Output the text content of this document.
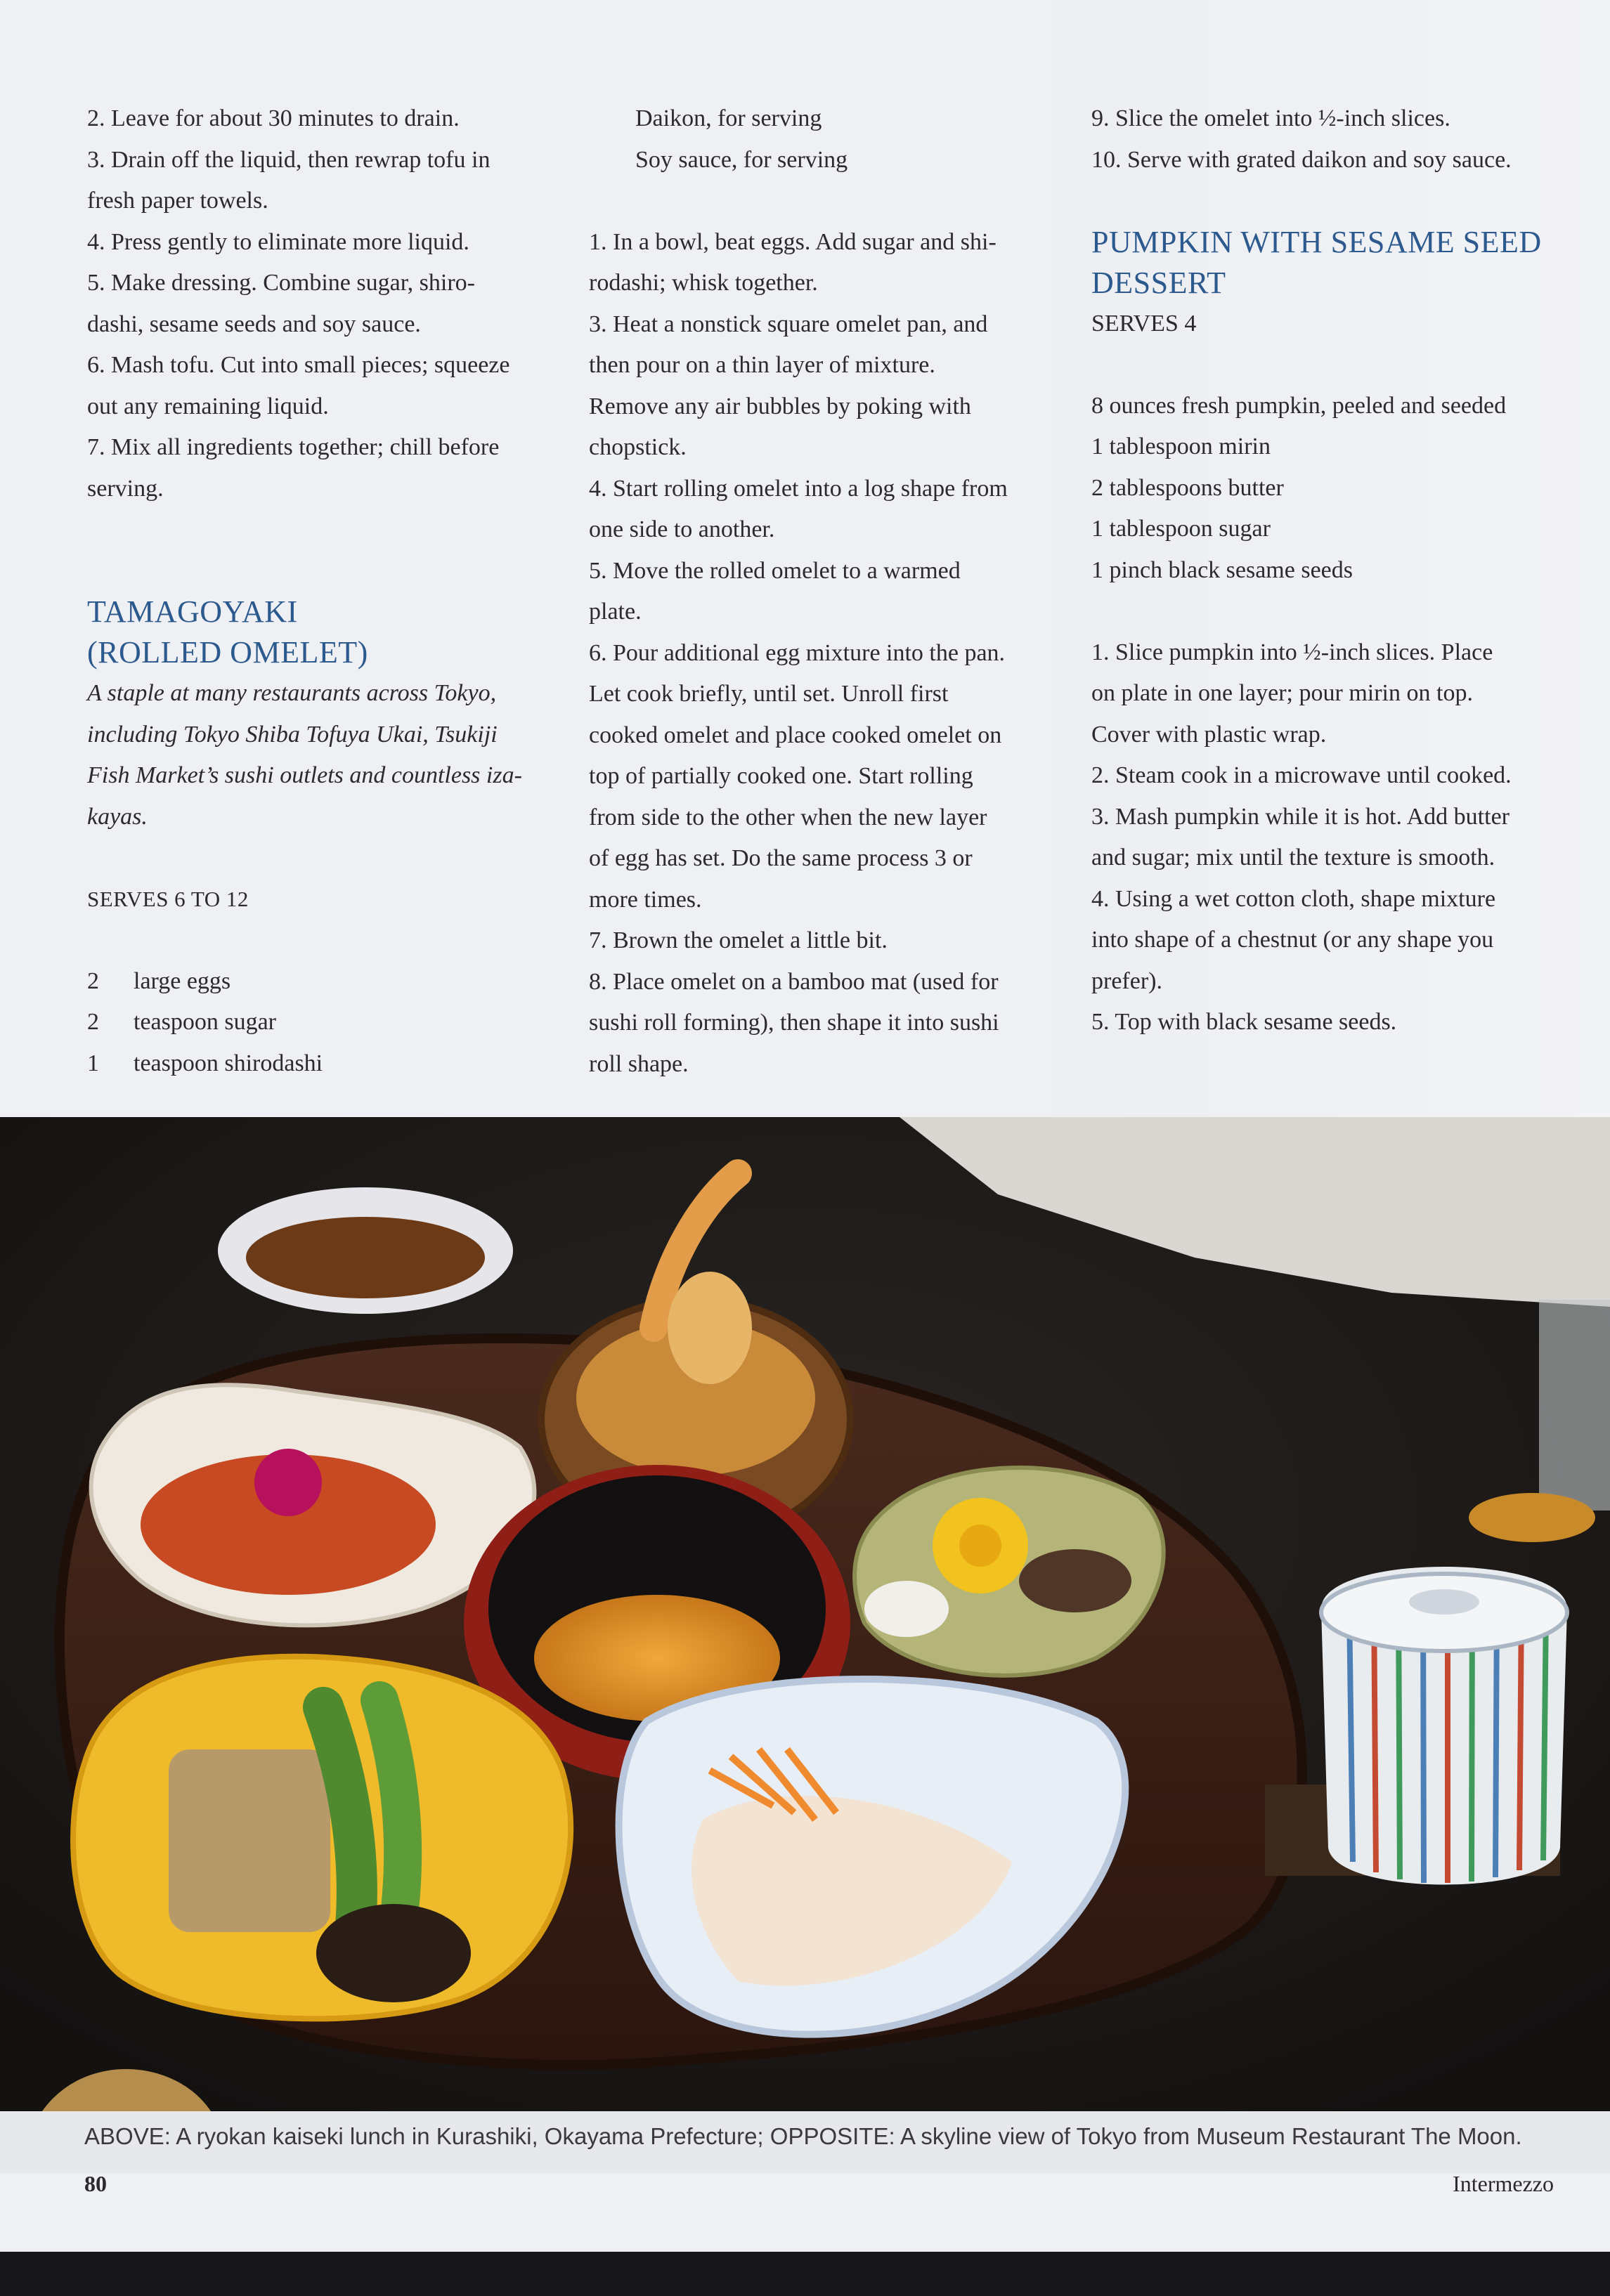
2. Leave for about 30 minutes to drain.

3. Drain off the liquid, then rewrap tofu in

fresh paper towels.

4. Press gently to eliminate more liquid.

5. Make dressing. Combine sugar, shiro-

dashi, sesame seeds and soy sauce.

6. Mash tofu. Cut into small pieces; squeeze

out any remaining liquid.

7. Mix all ingredients together; chill before

serving.

TAMAGOYAKI

(ROLLED OMELET)

A staple at many restaurants across Tokyo,

including Tokyo Shiba Tofuya Ukai, Tsukiji

Fish Market’s sushi outlets and countless iza-

kayas.

SERVES 6 TO 12

2	large eggs

2	teaspoon sugar

1	teaspoon shirodashi

Daikon, for serving

Soy sauce, for serving

1. In a bowl, beat eggs. Add sugar and shi-

rodashi; whisk together.

3. Heat a nonstick square omelet pan, and

then pour on a thin layer of mixture.

Remove any air bubbles by poking with

chopstick.

4. Start rolling omelet into a log shape from

one side to another.

5. Move the rolled omelet to a warmed

plate.

6. Pour additional egg mixture into the pan.

Let cook briefly, until set. Unroll first

cooked omelet and place cooked omelet on

top of partially cooked one. Start rolling

from side to the other when the new layer

of egg has set. Do the same process 3 or

more times.

7. Brown the omelet a little bit.

8. Place omelet on a bamboo mat (used for

sushi roll forming), then shape it into sushi

roll shape.

9. Slice the omelet into ½-inch slices.

10. Serve with grated daikon and soy sauce.

PUMPKIN WITH SESAME SEED

DESSERT

SERVES 4

8 ounces fresh pumpkin, peeled and seeded

1 tablespoon mirin

2 tablespoons butter

1 tablespoon sugar

1 pinch black sesame seeds

1. Slice pumpkin into ½-inch slices. Place

on plate in one layer; pour mirin on top.

Cover with plastic wrap.

2. Steam cook in a microwave until cooked.

3. Mash pumpkin while it is hot. Add butter

and sugar; mix until the texture is smooth.

4. Using a wet cotton cloth, shape mixture

into shape of a chestnut (or any shape you

prefer).

5. Top with black sesame seeds.

ABOVE: A ryokan kaiseki lunch in Kurashiki, Okayama Prefecture; OPPOSITE: A skyline view of Tokyo from Museum Restaurant The Moon.

80	Intermezzo
